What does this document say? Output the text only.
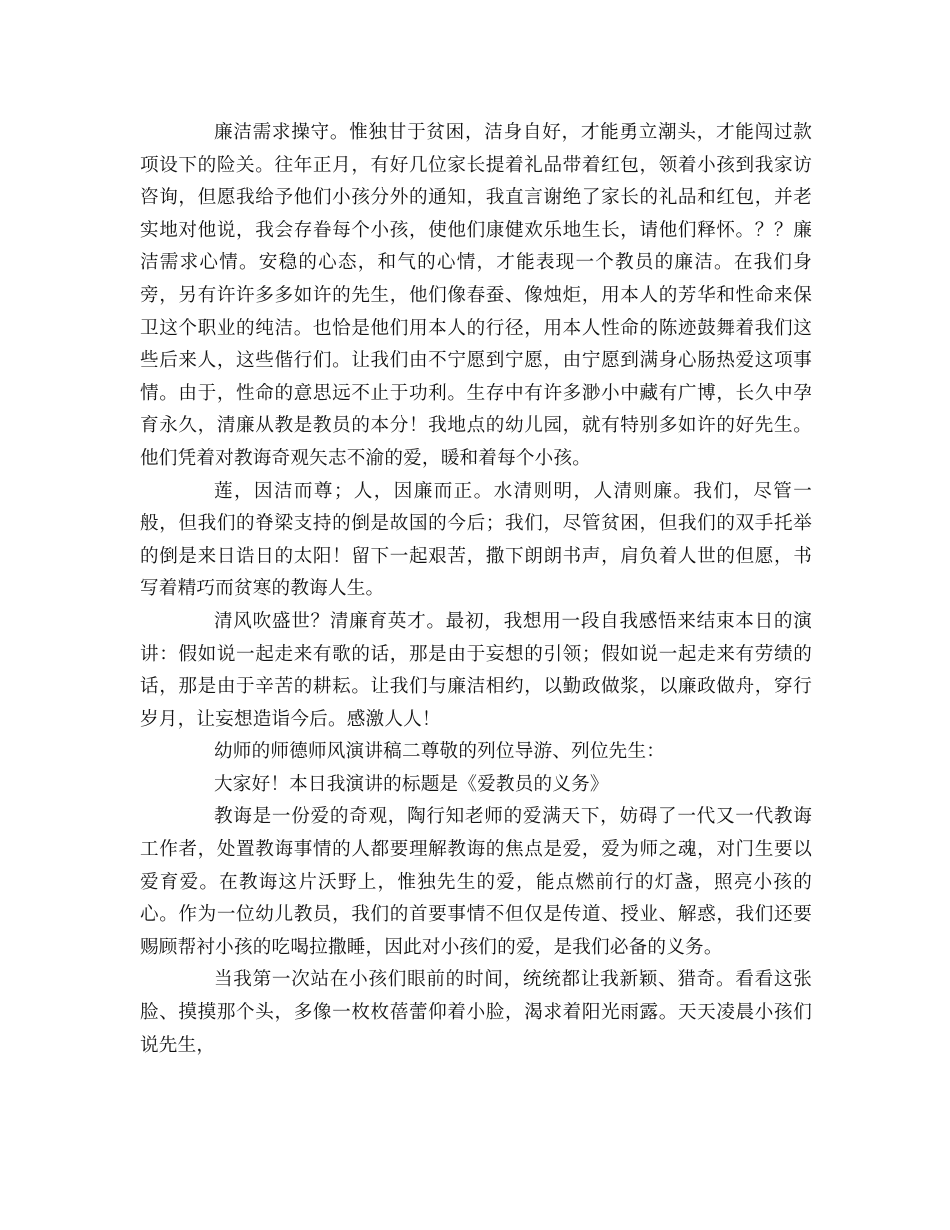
廉洁需求操守。惟独甘于贫困，洁身自好，才能勇立潮头，才能闯过款项设下的险关。往年正月，有好几位家长提着礼品带着红包，领着小孩到我家访咨询，但愿我给予他们小孩分外的通知，我直言谢绝了家长的礼品和红包，并老实地对他说，我会存眷每个小孩，使他们康健欢乐地生长，请他们释怀。？？廉洁需求心情。安稳的心态，和气的心情，才能表现一个教员的廉洁。在我们身旁，另有许许多多如许的先生，他们像春蚕、像烛炬，用本人的芳华和性命来保卫这个职业的纯洁。也恰是他们用本人的行径，用本人性命的陈迹鼓舞着我们这些后来人，这些偕行们。让我们由不宁愿到宁愿，由宁愿到满身心肠热爱这项事情。由于，性命的意思远不止于功利。生存中有许多渺小中藏有广博，长久中孕育永久，清廉从教是教员的本分！我地点的幼儿园，就有特别多如许的好先生。他们凭着对教诲奇观矢志不渝的爱，暖和着每个小孩。

莲，因洁而尊；人，因廉而正。水清则明，人清则廉。我们，尽管一般，但我们的脊梁支持的倒是故国的今后；我们，尽管贫困，但我们的双手托举的倒是来日诰日的太阳！留下一起艰苦，撒下朗朗书声，肩负着人世的但愿，书写着精巧而贫寒的教诲人生。

清风吹盛世？清廉育英才。最初，我想用一段自我感悟来结束本日的演讲：假如说一起走来有歌的话，那是由于妄想的引领；假如说一起走来有劳绩的话，那是由于辛苦的耕耘。让我们与廉洁相约，以勤政做浆，以廉政做舟，穿行岁月，让妄想造诣今后。感激人人！

幼师的师德师风演讲稿二尊敬的列位导游、列位先生：

大家好！本日我演讲的标题是《爱教员的义务》

教诲是一份爱的奇观，陶行知老师的爱满天下，妨碍了一代又一代教诲工作者，处置教诲事情的人都要理解教诲的焦点是爱，爱为师之魂，对门生要以爱育爱。在教诲这片沃野上，惟独先生的爱，能点燃前行的灯盏，照亮小孩的心。作为一位幼儿教员，我们的首要事情不但仅是传道、授业、解惑，我们还要赐顾帮衬小孩的吃喝拉撒睡，因此对小孩们的爱，是我们必备的义务。

当我第一次站在小孩们眼前的时间，统统都让我新颖、猎奇。看看这张脸、摸摸那个头，多像一枚枚蓓蕾仰着小脸，渴求着阳光雨露。天天凌晨小孩们说先生，
